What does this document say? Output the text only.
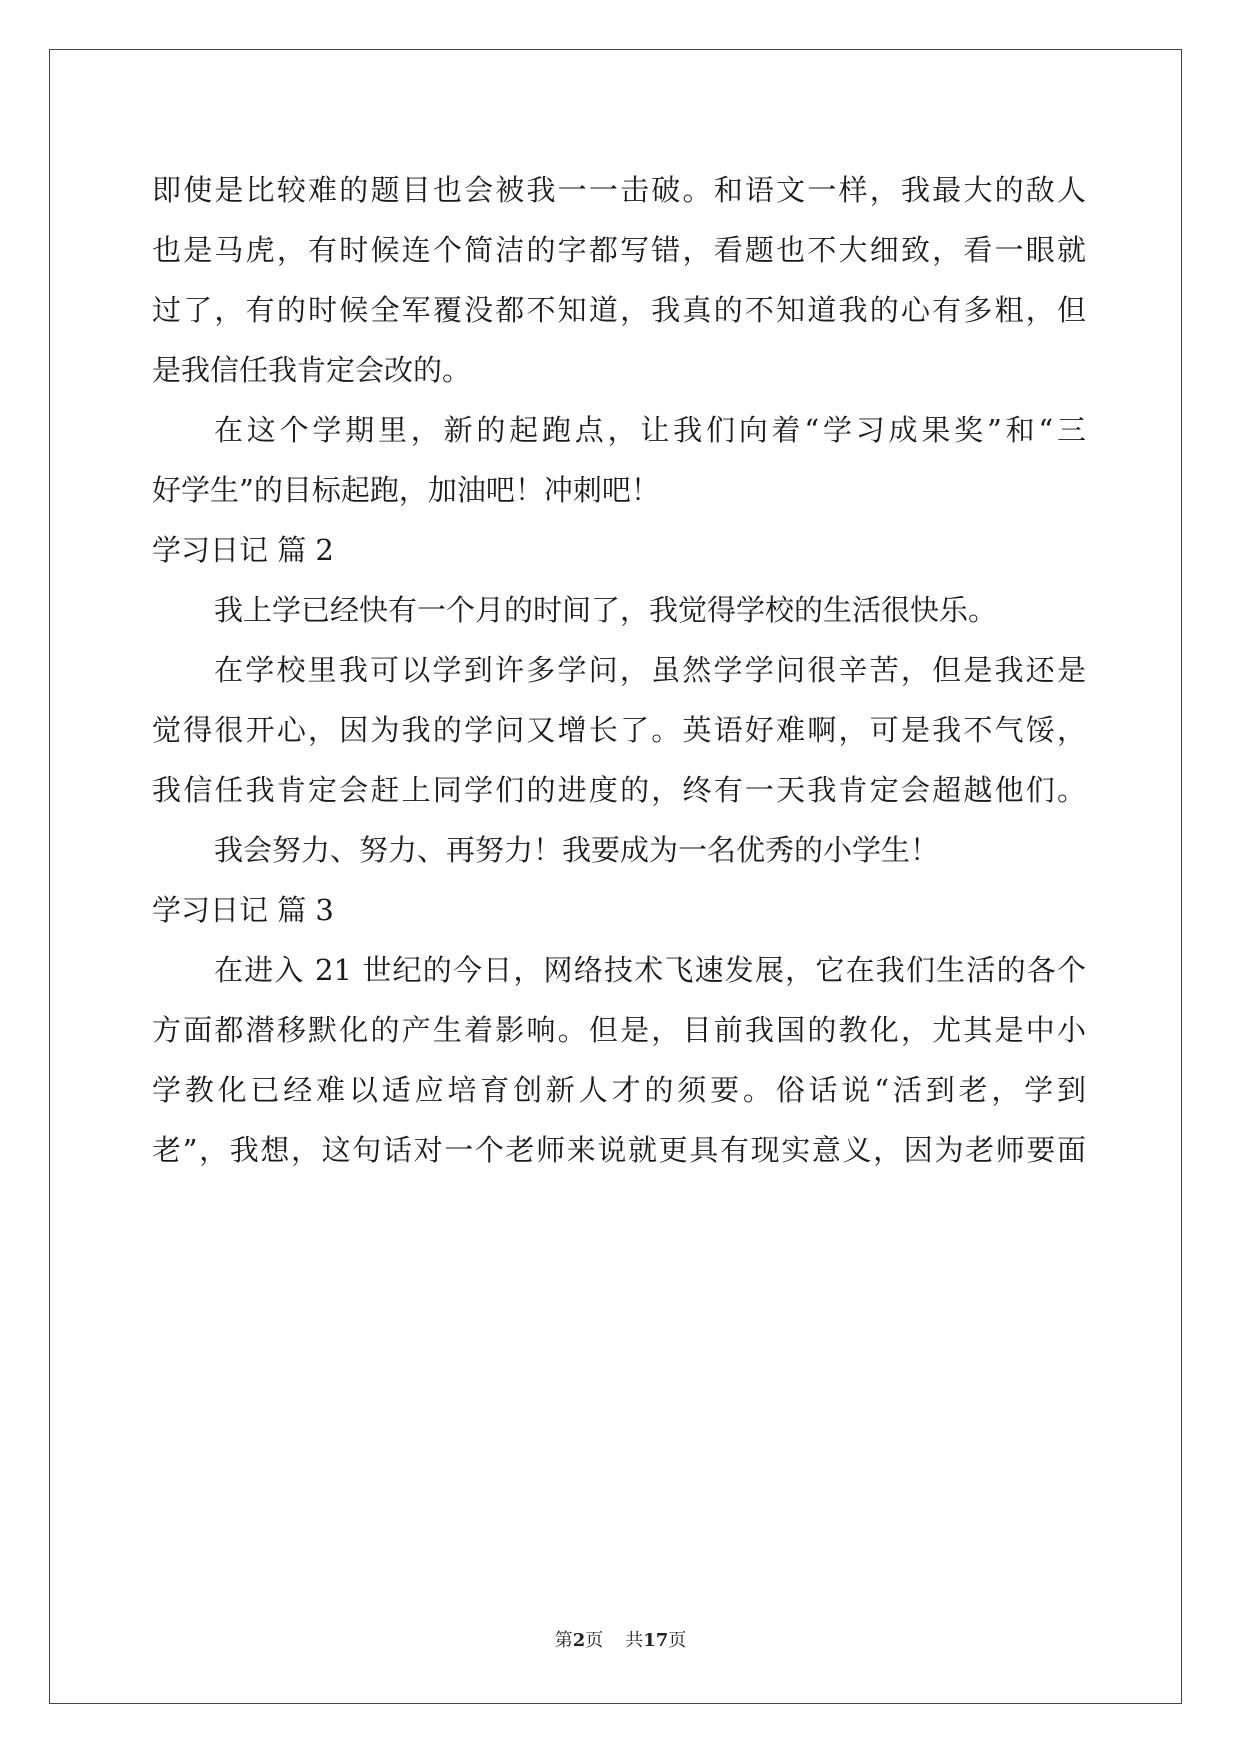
即使是比较难的题目也会被我一一击破。和语文一样，我最大的敌人
也是马虎，有时候连个简洁的字都写错，看题也不大细致，看一眼就
过了，有的时候全军覆没都不知道，我真的不知道我的心有多粗，但
是我信任我肯定会改的。
在这个学期里，新的起跑点，让我们向着“学习成果奖”和“三
好学生”的目标起跑，加油吧！冲刺吧！
学习日记 篇 2
我上学已经快有一个月的时间了，我觉得学校的生活很快乐。
在学校里我可以学到许多学问，虽然学学问很辛苦，但是我还是
觉得很开心，因为我的学问又增长了。英语好难啊，可是我不气馁，
我信任我肯定会赶上同学们的进度的，终有一天我肯定会超越他们。
我会努力、努力、再努力！我要成为一名优秀的小学生！
学习日记 篇 3
在进入 21 世纪的今日，网络技术飞速发展，它在我们生活的各个
方面都潜移默化的产生着影响。但是，目前我国的教化，尤其是中小
学教化已经难以适应培育创新人才的须要。俗话说“活到老，学到
老”，我想，这句话对一个老师来说就更具有现实意义，因为老师要面
第2页 共17页
